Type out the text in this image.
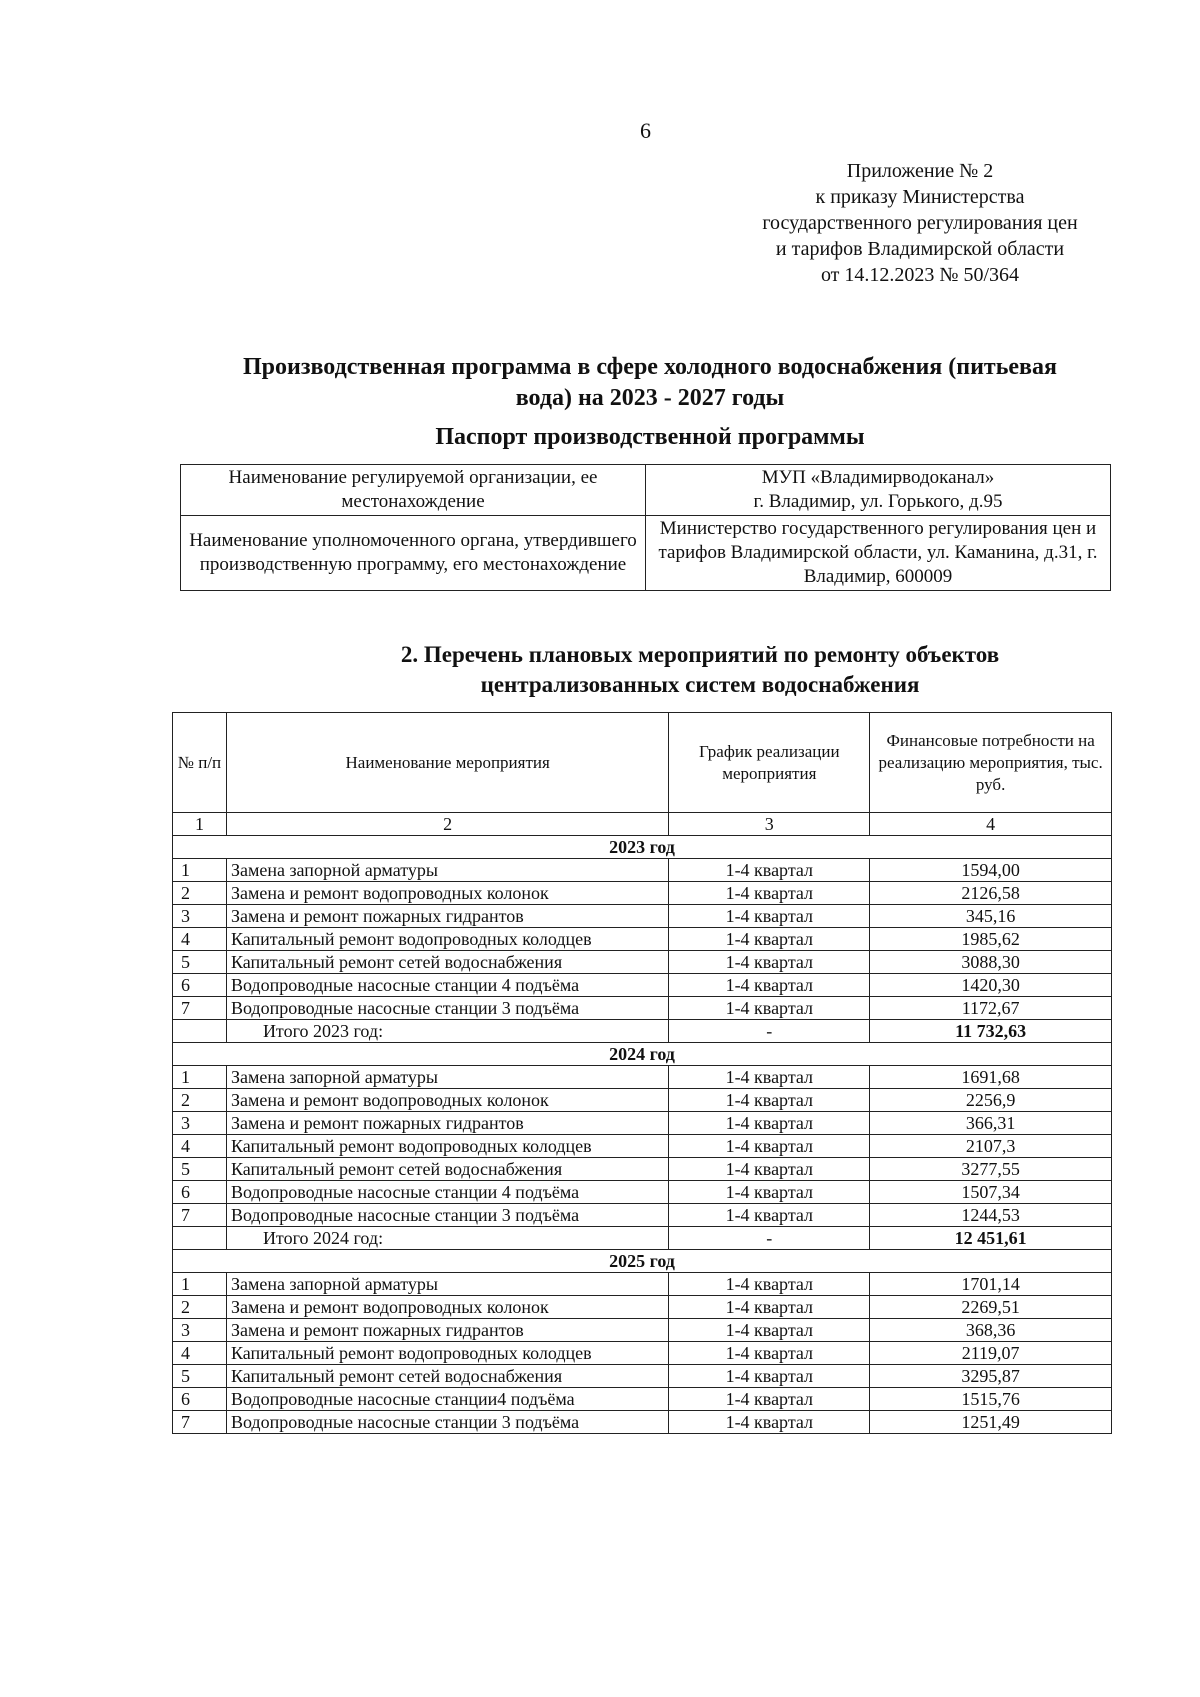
6
Приложение № 2
к приказу Министерства
государственного регулирования цен
и тарифов Владимирской области
от 14.12.2023 № 50/364
Производственная программа в сфере холодного водоснабжения (питьевая
вода) на 2023 - 2027 годы
Паспорт производственной программы
Наименование регулируемой организации, ее местонахождение	МУП «Владимирводоканал»
г. Владимир, ул. Горького, д.95

Наименование уполномоченного органа, утвердившего производственную программу, его местонахождение	Министерство государственного регулирования цен и тарифов Владимирской области, ул. Каманина, д.31, г. Владимир, 600009
2. Перечень плановых мероприятий по ремонту объектов
централизованных систем водоснабжения
№ п/п	Наименование мероприятия	График реализации мероприятия	Финансовые потребности на реализацию мероприятия, тыс. руб.
1	2	3	4
2023 год			
1	Замена запорной арматуры	1-4 квартал	1594,00
2	Замена и ремонт водопроводных колонок	1-4 квартал	2126,58
3	Замена и ремонт пожарных гидрантов	1-4 квартал	345,16
4	Капитальный ремонт водопроводных колодцев	1-4 квартал	1985,62
5	Капитальный ремонт сетей водоснабжения	1-4 квартал	3088,30
6	Водопроводные насосные станции 4 подъёма	1-4 квартал	1420,30
7	Водопроводные насосные станции 3 подъёма	1-4 квартал	1172,67
	Итого 2023 год:	-	11 732,63
2024 год			
1	Замена запорной арматуры	1-4 квартал	1691,68
2	Замена и ремонт водопроводных колонок	1-4 квартал	2256,9
3	Замена и ремонт пожарных гидрантов	1-4 квартал	366,31
4	Капитальный ремонт водопроводных колодцев	1-4 квартал	2107,3
5	Капитальный ремонт сетей водоснабжения	1-4 квартал	3277,55
6	Водопроводные насосные станции 4 подъёма	1-4 квартал	1507,34
7	Водопроводные насосные станции 3 подъёма	1-4 квартал	1244,53
	Итого 2024 год:	-	12 451,61
2025 год			
1	Замена запорной арматуры	1-4 квартал	1701,14
2	Замена и ремонт водопроводных колонок	1-4 квартал	2269,51
3	Замена и ремонт пожарных гидрантов	1-4 квартал	368,36
4	Капитальный ремонт водопроводных колодцев	1-4 квартал	2119,07
5	Капитальный ремонт сетей водоснабжения	1-4 квартал	3295,87
6	Водопроводные насосные станции4 подъёма	1-4 квартал	1515,76
7	Водопроводные насосные станции 3 подъёма	1-4 квартал	1251,49
